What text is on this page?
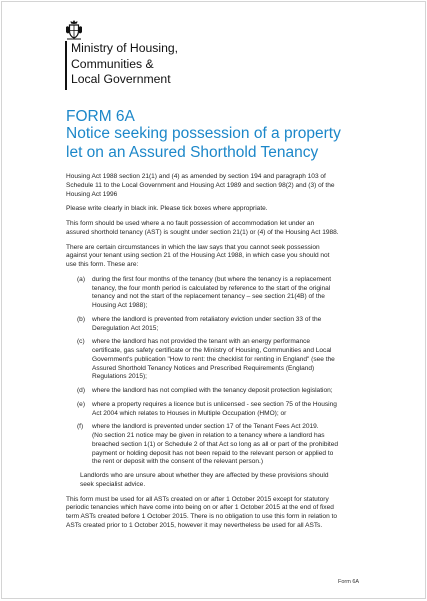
Ministry of Housing,
Communities &
Local Government
FORM 6A
Notice seeking possession of a property
let on an Assured Shorthold Tenancy

Housing Act 1988 section 21(1) and (4) as amended by section 194 and paragraph 103 of
Schedule 11 to the Local Government and Housing Act 1989 and section 98(2) and (3) of the
Housing Act 1996

Please write clearly in black ink. Please tick boxes where appropriate.

This form should be used where a no fault possession of accommodation let under an
assured shorthold tenancy (AST) is sought under section 21(1) or (4) of the Housing Act 1988.

There are certain circumstances in which the law says that you cannot seek possession
against your tenant using section 21 of the Housing Act 1988, in which case you should not
use this form. These are:

(a) during the first four months of the tenancy (but where the tenancy is a replacement
tenancy, the four month period is calculated by reference to the start of the original
tenancy and not the start of the replacement tenancy – see section 21(4B) of the
Housing Act 1988);
(b) where the landlord is prevented from retaliatory eviction under section 33 of the
Deregulation Act 2015;
(c) where the landlord has not provided the tenant with an energy performance
certificate, gas safety certificate or the Ministry of Housing, Communities and Local
Government's publication "How to rent: the checklist for renting in England" (see the
Assured Shorthold Tenancy Notices and Prescribed Requirements (England)
Regulations 2015);
(d) where the landlord has not complied with the tenancy deposit protection legislation;
(e) where a property requires a licence but is unlicensed - see section 75 of the Housing
Act 2004 which relates to Houses in Multiple Occupation (HMO); or
(f) where the landlord is prevented under section 17 of the Tenant Fees Act 2019.
(No section 21 notice may be given in relation to a tenancy where a landlord has
breached section 1(1) or Schedule 2 of that Act so long as all or part of the prohibited
payment or holding deposit has not been repaid to the relevant person or applied to
the rent or deposit with the consent of the relevant person.)

Landlords who are unsure about whether they are affected by these provisions should
seek specialist advice.

This form must be used for all ASTs created on or after 1 October 2015 except for statutory
periodic tenancies which have come into being on or after 1 October 2015 at the end of fixed
term ASTs created before 1 October 2015. There is no obligation to use this form in relation to
ASTs created prior to 1 October 2015, however it may nevertheless be used for all ASTs.

Form 6A
